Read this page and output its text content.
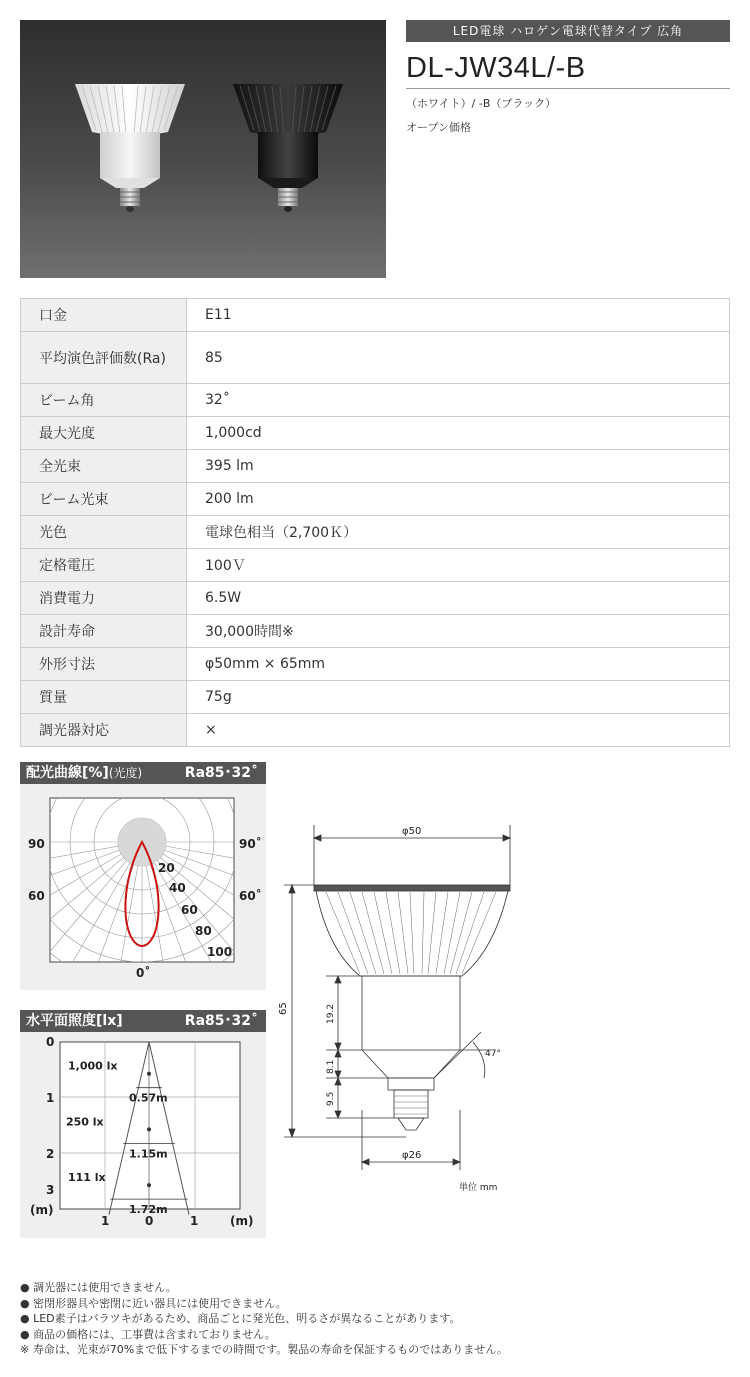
LED電球 ハロゲン電球代替タイプ 広角
DL-JW34L/-B
（ホワイト）/ -B（ブラック）
オープン価格
口金	E11
平均演色評価数(Ra)	85
ビーム角	32˚
最大光度	1,000cd
全光束	395 lm
ビーム光束	200 lm
光色	電球色相当（2,700Ｋ）
定格電圧	100Ｖ
消費電力	6.5W
設計寿命	30,000時間※
外形寸法	φ50mm × 65mm
質量	75g
調光器対応	×
配光曲線[%](光度)	Ra85･32˚
90
60
90˚
60˚
0˚
20
40
60
80
100
水平面照度[lx]	Ra85･32˚
1,000 lx
0.57m
250 lx
1.15m
111 lx
1.72m
0
1
2
3
(m)
1	0	1	(m)
φ50
65	19.2
8.1
9.5
47°
φ26
単位 mm
● 調光器には使用できません。
● 密閉形器具や密閉に近い器具には使用できません。
● LED素子はバラツキがあるため、商品ごとに発光色、明るさが異なることがあります。
● 商品の価格には、工事費は含まれておりません。
※ 寿命は、光束が70%まで低下するまでの時間です。製品の寿命を保証するものではありません。
